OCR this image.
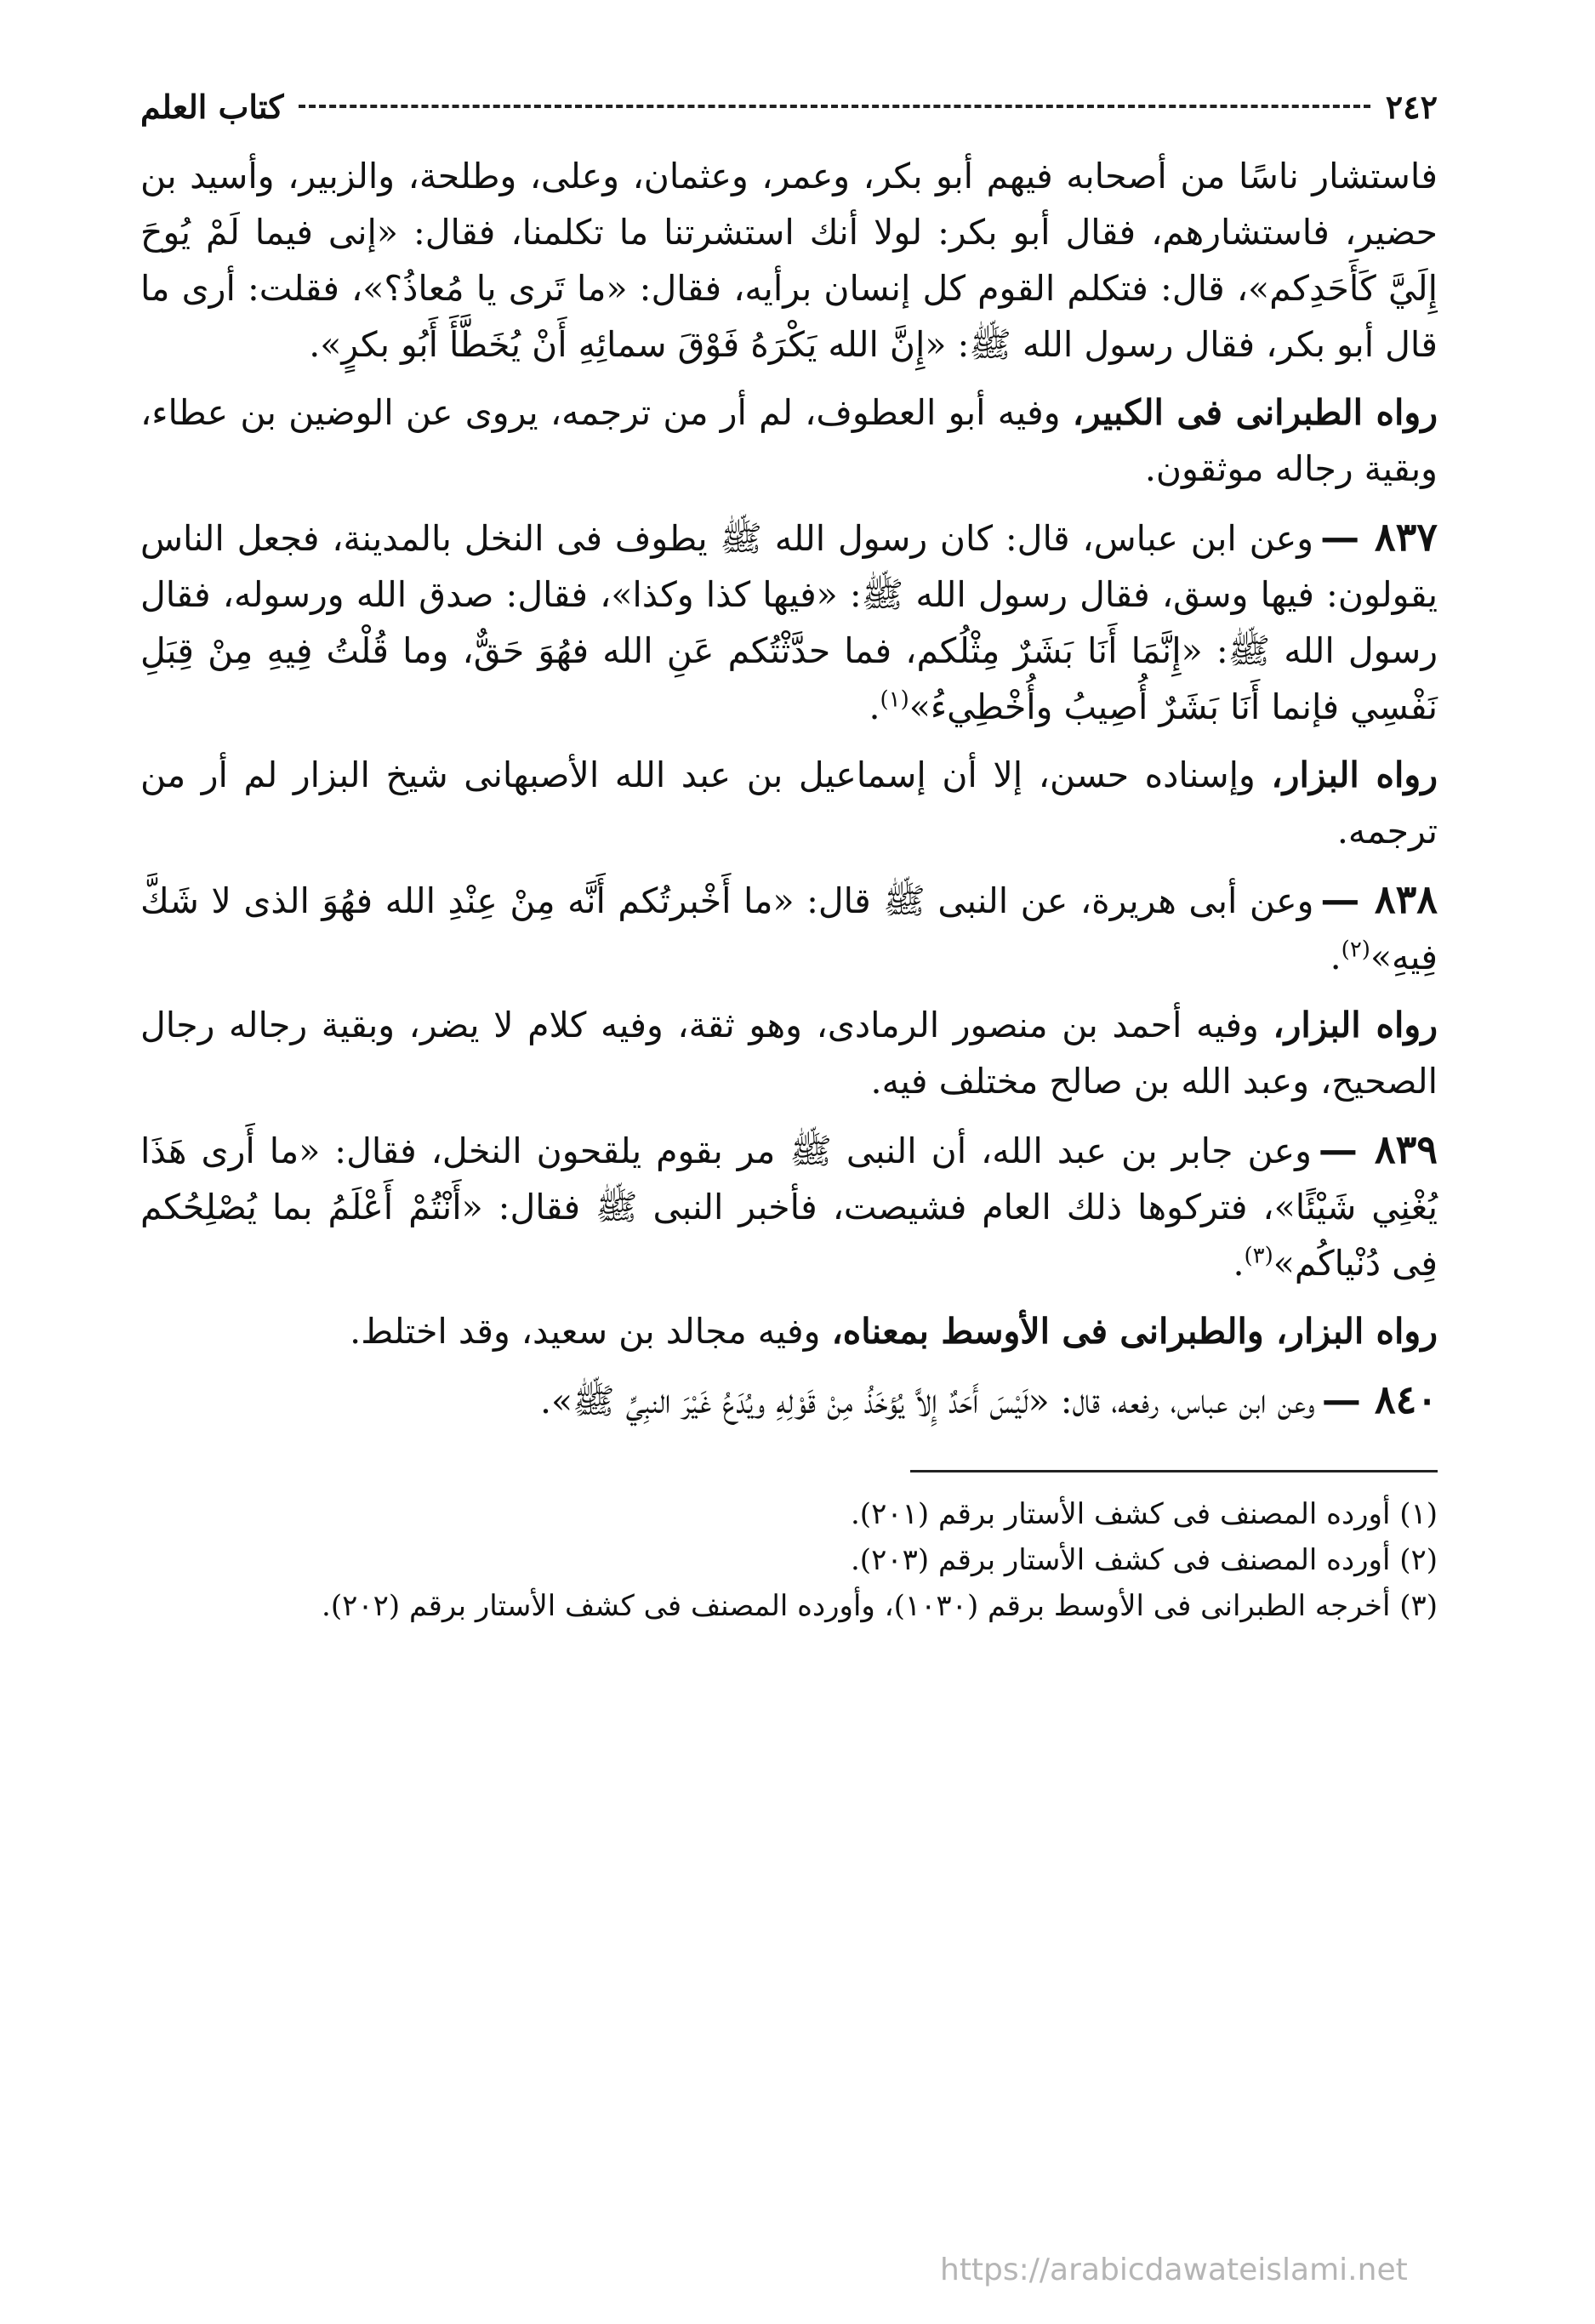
٢٤٢
كتاب العلم

فاستشار ناسًا من أصحابه فيهم أبو بكر، وعمر، وعثمان، وعلى، وطلحة، والزبير، وأسيد بن حضير، فاستشارهم، فقال أبو بكر: لولا أنك استشرتنا ما تكلمنا، فقال: «إنى فيما لَمْ يُوحَ إِلَيَّ كَأَحَدِكم»، قال: فتكلم القوم كل إنسان برأيه، فقال: «ما تَرى يا مُعاذُ؟»، فقلت: أرى ما قال أبو بكر، فقال رسول الله ﷺ: «إِنَّ الله يَكْرَهُ فَوْقَ سمائِهِ أَنْ يُخَطَّأَ أَبُو بكرٍ».

رواه الطبرانى فى الكبير، وفيه أبو العطوف، لم أر من ترجمه، يروى عن الوضين بن عطاء، وبقية رجاله موثقون.

٨٣٧ —وعن ابن عباس، قال: كان رسول الله ﷺ يطوف فى النخل بالمدينة، فجعل الناس يقولون: فيها وسق، فقال رسول الله ﷺ: «فيها كذا وكذا»، فقال: صدق الله ورسوله، فقال رسول الله ﷺ: «إِنَّمَا أَنَا بَشَرٌ مِثْلُكم، فما حدَّثْتُكم عَنِ الله فهُوَ حَقٌّ، وما قُلْتُ فِيهِ مِنْ قِبَلِ نَفْسِي فإنما أَنَا بَشَرٌ أُصِيبُ وأُخْطِيءُ»$^{(١)}$.

رواه البزار، وإسناده حسن، إلا أن إسماعيل بن عبد الله الأصبهانى شيخ البزار لم أر من ترجمه.

٨٣٨ —وعن أبى هريرة، عن النبى ﷺ قال: «ما أَخْبرتُكم أَنَّه مِنْ عِنْدِ الله فهُوَ الذى لا شَكَّ فِيهِ»$^{(٢)}$.

رواه البزار، وفيه أحمد بن منصور الرمادى، وهو ثقة، وفيه كلام لا يضر، وبقية رجاله رجال الصحيح، وعبد الله بن صالح مختلف فيه.

٨٣٩ —وعن جابر بن عبد الله، أن النبى ﷺ مر بقوم يلقحون النخل، فقال: «ما أَرى هَذَا يُغْنِي شَيْئًا»، فتركوها ذلك العام فشيصت، فأخبر النبى ﷺ فقال: «أَنْتُمْ أَعْلَمُ بما يُصْلِحُكم فِى دُنْياكُم»$^{(٣)}$.

رواه البزار، والطبرانى فى الأوسط بمعناه، وفيه مجالد بن سعيد، وقد اختلط.

٨٤٠ —وعن ابن عباس، رفعه، قال: «لَيْسَ أَحَدٌ إِلاَّ يُؤخَذُ مِنْ قَوْلِهِ ويُدَعُ غَيْرَ النبِيِّ ﷺ».

(١) أورده المصنف فى كشف الأستار برقم (٢٠١).

(٢) أورده المصنف فى كشف الأستار برقم (٢٠٣).

(٣) أخرجه الطبرانى فى الأوسط برقم (١٠٣٠)، وأورده المصنف فى كشف الأستار برقم (٢٠٢).

https://arabicdawateislami.net
